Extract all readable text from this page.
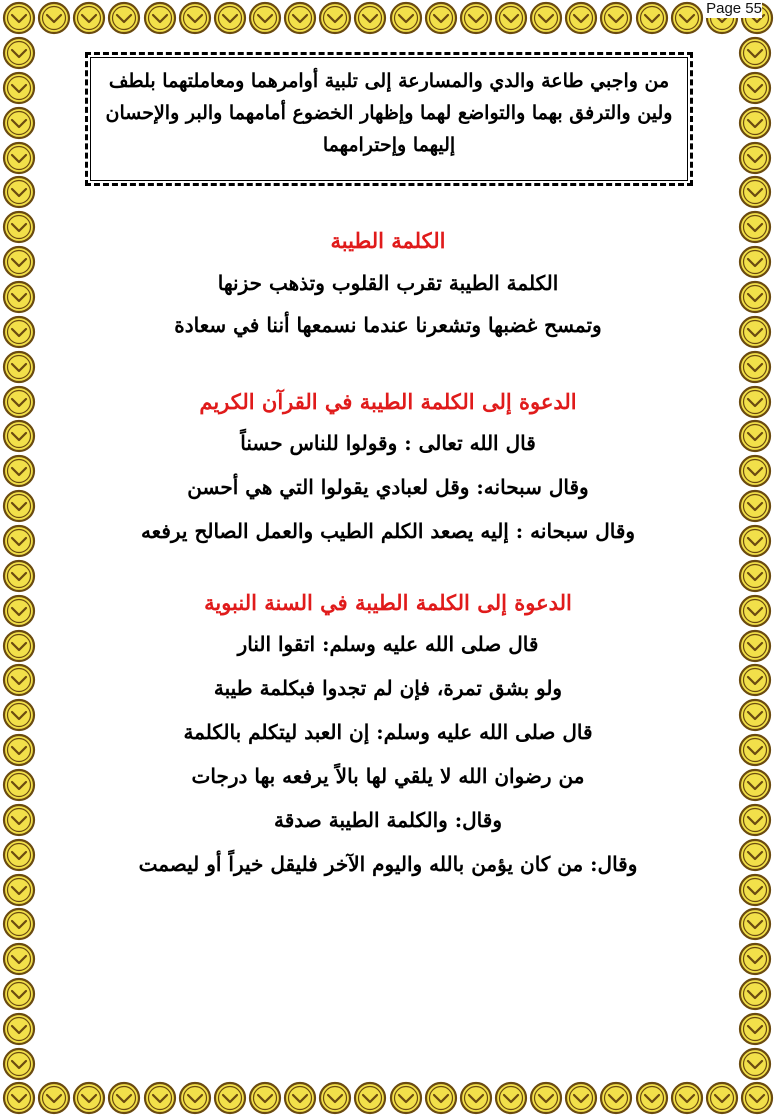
Page 55

من واجبي طاعة والدي والمسارعة إلى تلبية أوامرهما ومعاملتهما بلطف ولين والترفق بهما والتواضع لهما وإظهار الخضوع أمامهما والبر والإحسان إليهما وإحترامهما

الكلمة الطيبة
الكلمة الطيبة تقرب القلوب وتذهب حزنها
وتمسح غضبها وتشعرنا عندما نسمعها أننا في سعادة
الدعوة إلى الكلمة الطيبة في القرآن الكريم
قال الله تعالى : وقولوا للناس حسناً
وقال سبحانه: وقل لعبادي يقولوا التي هي أحسن
وقال سبحانه : إليه يصعد الكلم الطيب والعمل الصالح يرفعه
الدعوة إلى الكلمة الطيبة في السنة النبوية
قال صلى الله عليه وسلم: اتقوا النار
ولو بشق تمرة، فإن لم تجدوا فبكلمة طيبة
قال صلى الله عليه وسلم: إن العبد ليتكلم بالكلمة
من رضوان الله لا يلقي لها بالاً يرفعه بها درجات
وقال: والكلمة الطيبة صدقة
وقال: من كان يؤمن بالله واليوم الآخر فليقل خيراً أو ليصمت
